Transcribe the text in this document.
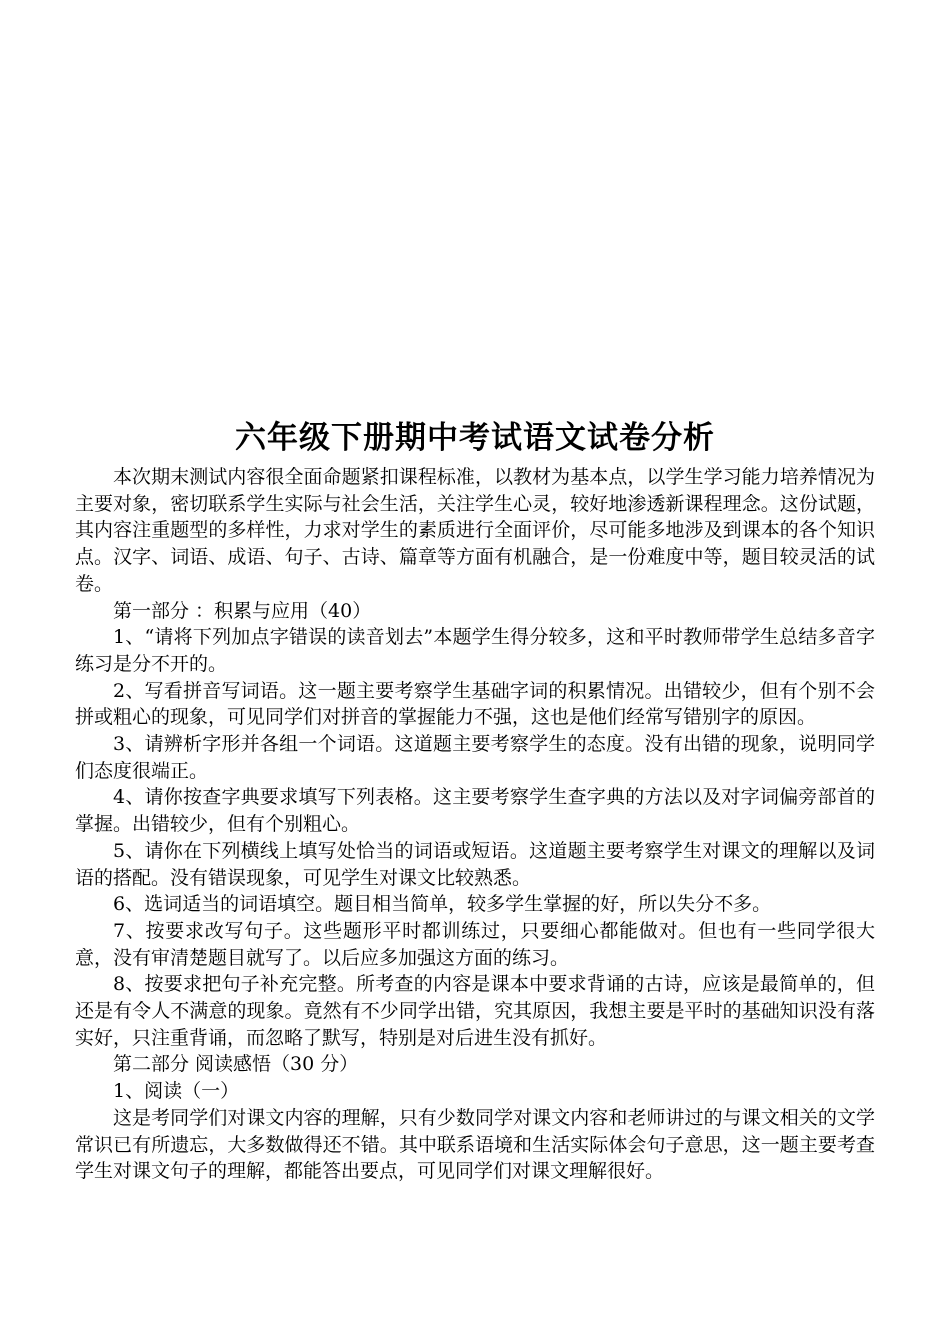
六年级下册期中考试语文试卷分析

本次期末测试内容很全面命题紧扣课程标准，以教材为基本点，以学生学习能力培养情况为主要对象，密切联系学生实际与社会生活，关注学生心灵，较好地渗透新课程理念。这份试题，其内容注重题型的多样性，力求对学生的素质进行全面评价，尽可能多地涉及到课本的各个知识点。汉字、词语、成语、句子、古诗、篇章等方面有机融合，是一份难度中等，题目较灵活的试卷。

第一部分 ：积累与应用（40）

1、“请将下列加点字错误的读音划去”本题学生得分较多，这和平时教师带学生总结多音字练习是分不开的。

2、写看拼音写词语。这一题主要考察学生基础字词的积累情况。出错较少，但有个别不会拼或粗心的现象，可见同学们对拼音的掌握能力不强，这也是他们经常写错别字的原因。

3、请辨析字形并各组一个词语。这道题主要考察学生的态度。没有出错的现象，说明同学们态度很端正。

4、请你按查字典要求填写下列表格。这主要考察学生查字典的方法以及对字词偏旁部首的掌握。出错较少，但有个别粗心。

5、请你在下列横线上填写处恰当的词语或短语。这道题主要考察学生对课文的理解以及词语的搭配。没有错误现象，可见学生对课文比较熟悉。

6、选词适当的词语填空。题目相当简单，较多学生掌握的好，所以失分不多。

7、按要求改写句子。这些题形平时都训练过，只要细心都能做对。但也有一些同学很大意，没有审清楚题目就写了。以后应多加强这方面的练习。

8、按要求把句子补充完整。所考查的内容是课本中要求背诵的古诗，应该是最简单的，但还是有令人不满意的现象。竟然有不少同学出错，究其原因，我想主要是平时的基础知识没有落实好，只注重背诵，而忽略了默写，特别是对后进生没有抓好。

第二部分 阅读感悟（30 分）

1、阅读（一）

这是考同学们对课文内容的理解，只有少数同学对课文内容和老师讲过的与课文相关的文学常识已有所遗忘，大多数做得还不错。其中联系语境和生活实际体会句子意思，这一题主要考查学生对课文句子的理解，都能答出要点，可见同学们对课文理解很好。
